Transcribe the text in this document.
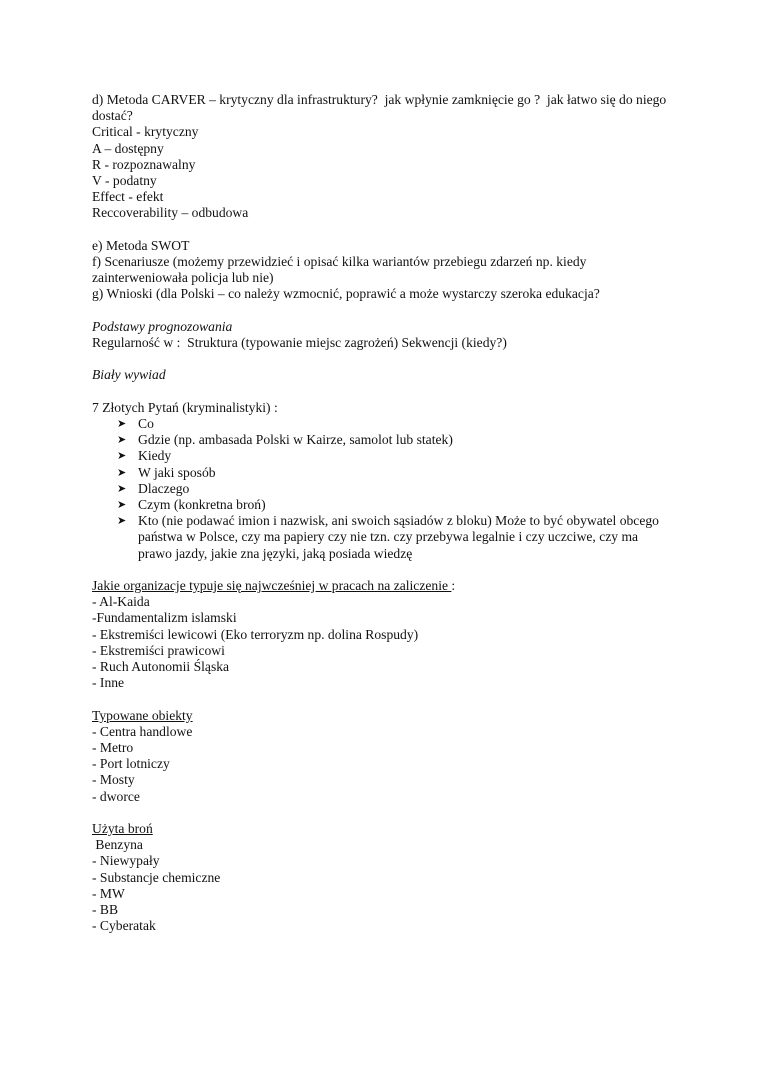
d) Metoda CARVER – krytyczny dla infrastruktury?  jak wpłynie zamknięcie go ?  jak łatwo się do niego dostać?
Critical - krytyczny
A – dostępny
R - rozpoznawalny
V - podatny
Effect - efekt
Reccoverability – odbudowa
e) Metoda SWOT
f) Scenariusze (możemy przewidzieć i opisać kilka wariantów przebiegu zdarzeń np. kiedy zainterweniowała policja lub nie)
g) Wnioski (dla Polski – co należy wzmocnić, poprawić a może wystarczy szeroka edukacja?
Podstawy prognozowania
Regularność w :  Struktura (typowanie miejsc zagrożeń) Sekwencji (kiedy?)
Biały wywiad
7 Złotych Pytań (kryminalistyki) :
➤ Co
➤ Gdzie (np. ambasada Polski w Kairze, samolot lub statek)
➤ Kiedy
➤ W jaki sposób
➤ Dlaczego
➤ Czym (konkretna broń)
➤ Kto (nie podawać imion i nazwisk, ani swoich sąsiadów z bloku) Może to być obywatel obcego państwa w Polsce, czy ma papiery czy nie tzn. czy przebywa legalnie i czy uczciwe, czy ma prawo jazdy, jakie zna języki, jaką posiada wiedzę
Jakie organizacje typuje się najwcześniej w pracach na zaliczenie :
- Al-Kaida
-Fundamentalizm islamski
- Ekstremiści lewicowi (Eko terroryzm np. dolina Rospudy)
- Ekstremiści prawicowi
- Ruch Autonomii Śląska
- Inne
Typowane obiekty
- Centra handlowe
- Metro
- Port lotniczy
- Mosty
- dworce
Użyta broń
Benzyna
- Niewypały
- Substancje chemiczne
- MW
- BB
- Cyberatak
